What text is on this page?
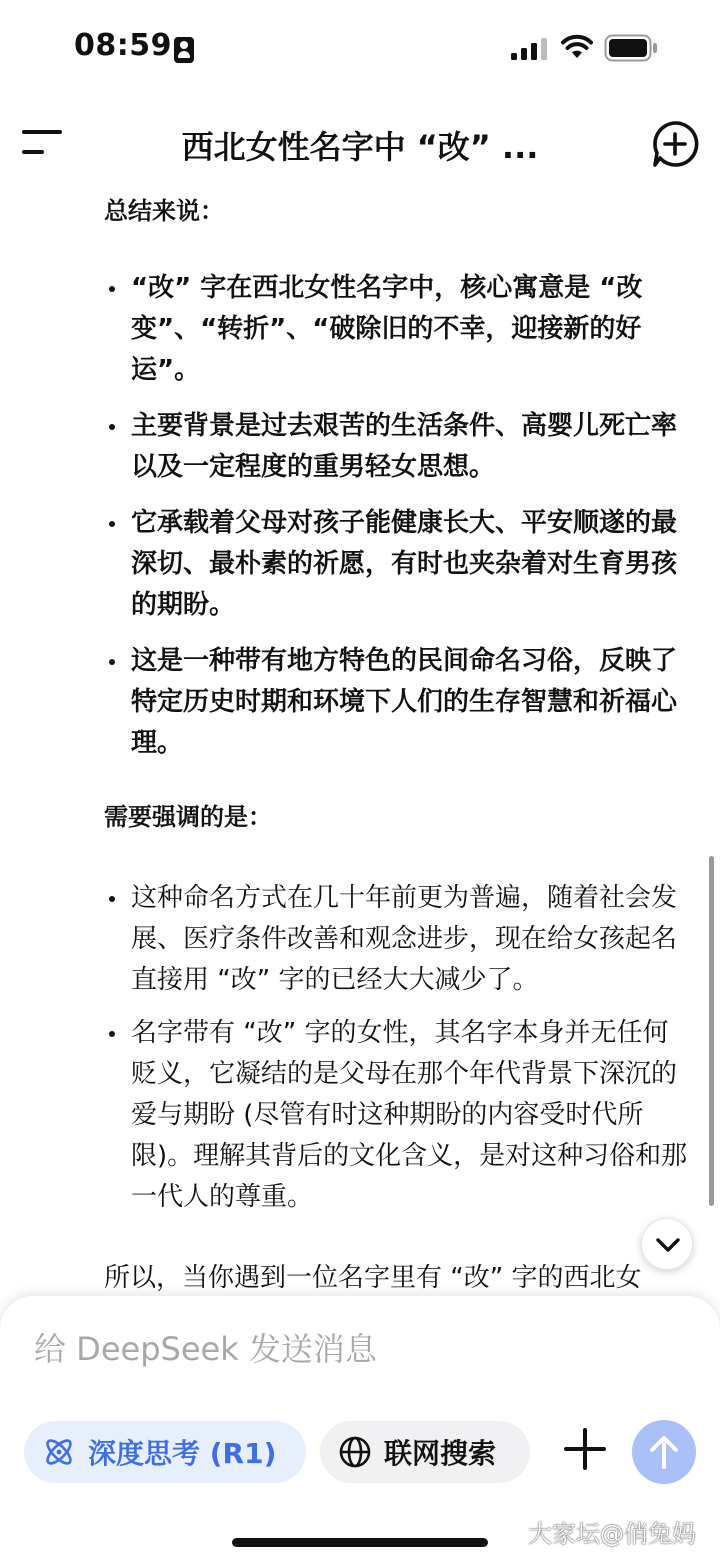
08:59
西北女性名字中 “改” ...

总结来说：

“改” 字在西北女性名字中，核心寓意是 “改变”、“转折”、“破除旧的不幸，迎接新的好运”。
主要背景是过去艰苦的生活条件、高婴儿死亡率以及一定程度的重男轻女思想。
它承载着父母对孩子能健康长大、平安顺遂的最深切、最朴素的祈愿，有时也夹杂着对生育男孩的期盼。
这是一种带有地方特色的民间命名习俗，反映了特定历史时期和环境下人们的生存智慧和祈福心理。

需要强调的是：

这种命名方式在几十年前更为普遍，随着社会发展、医疗条件改善和观念进步，现在给女孩起名直接用 “改” 字的已经大大减少了。
名字带有 “改” 字的女性，其名字本身并无任何贬义，它凝结的是父母在那个年代背景下深沉的爱与期盼 (尽管有时这种期盼的内容受时代所限)。理解其背后的文化含义，是对这种习俗和那一代人的尊重。

所以，当你遇到一位名字里有 “改” 字的西北女

给 DeepSeek 发送消息
深度思考 (R1)	联网搜索
大家坛@俏兔妈
